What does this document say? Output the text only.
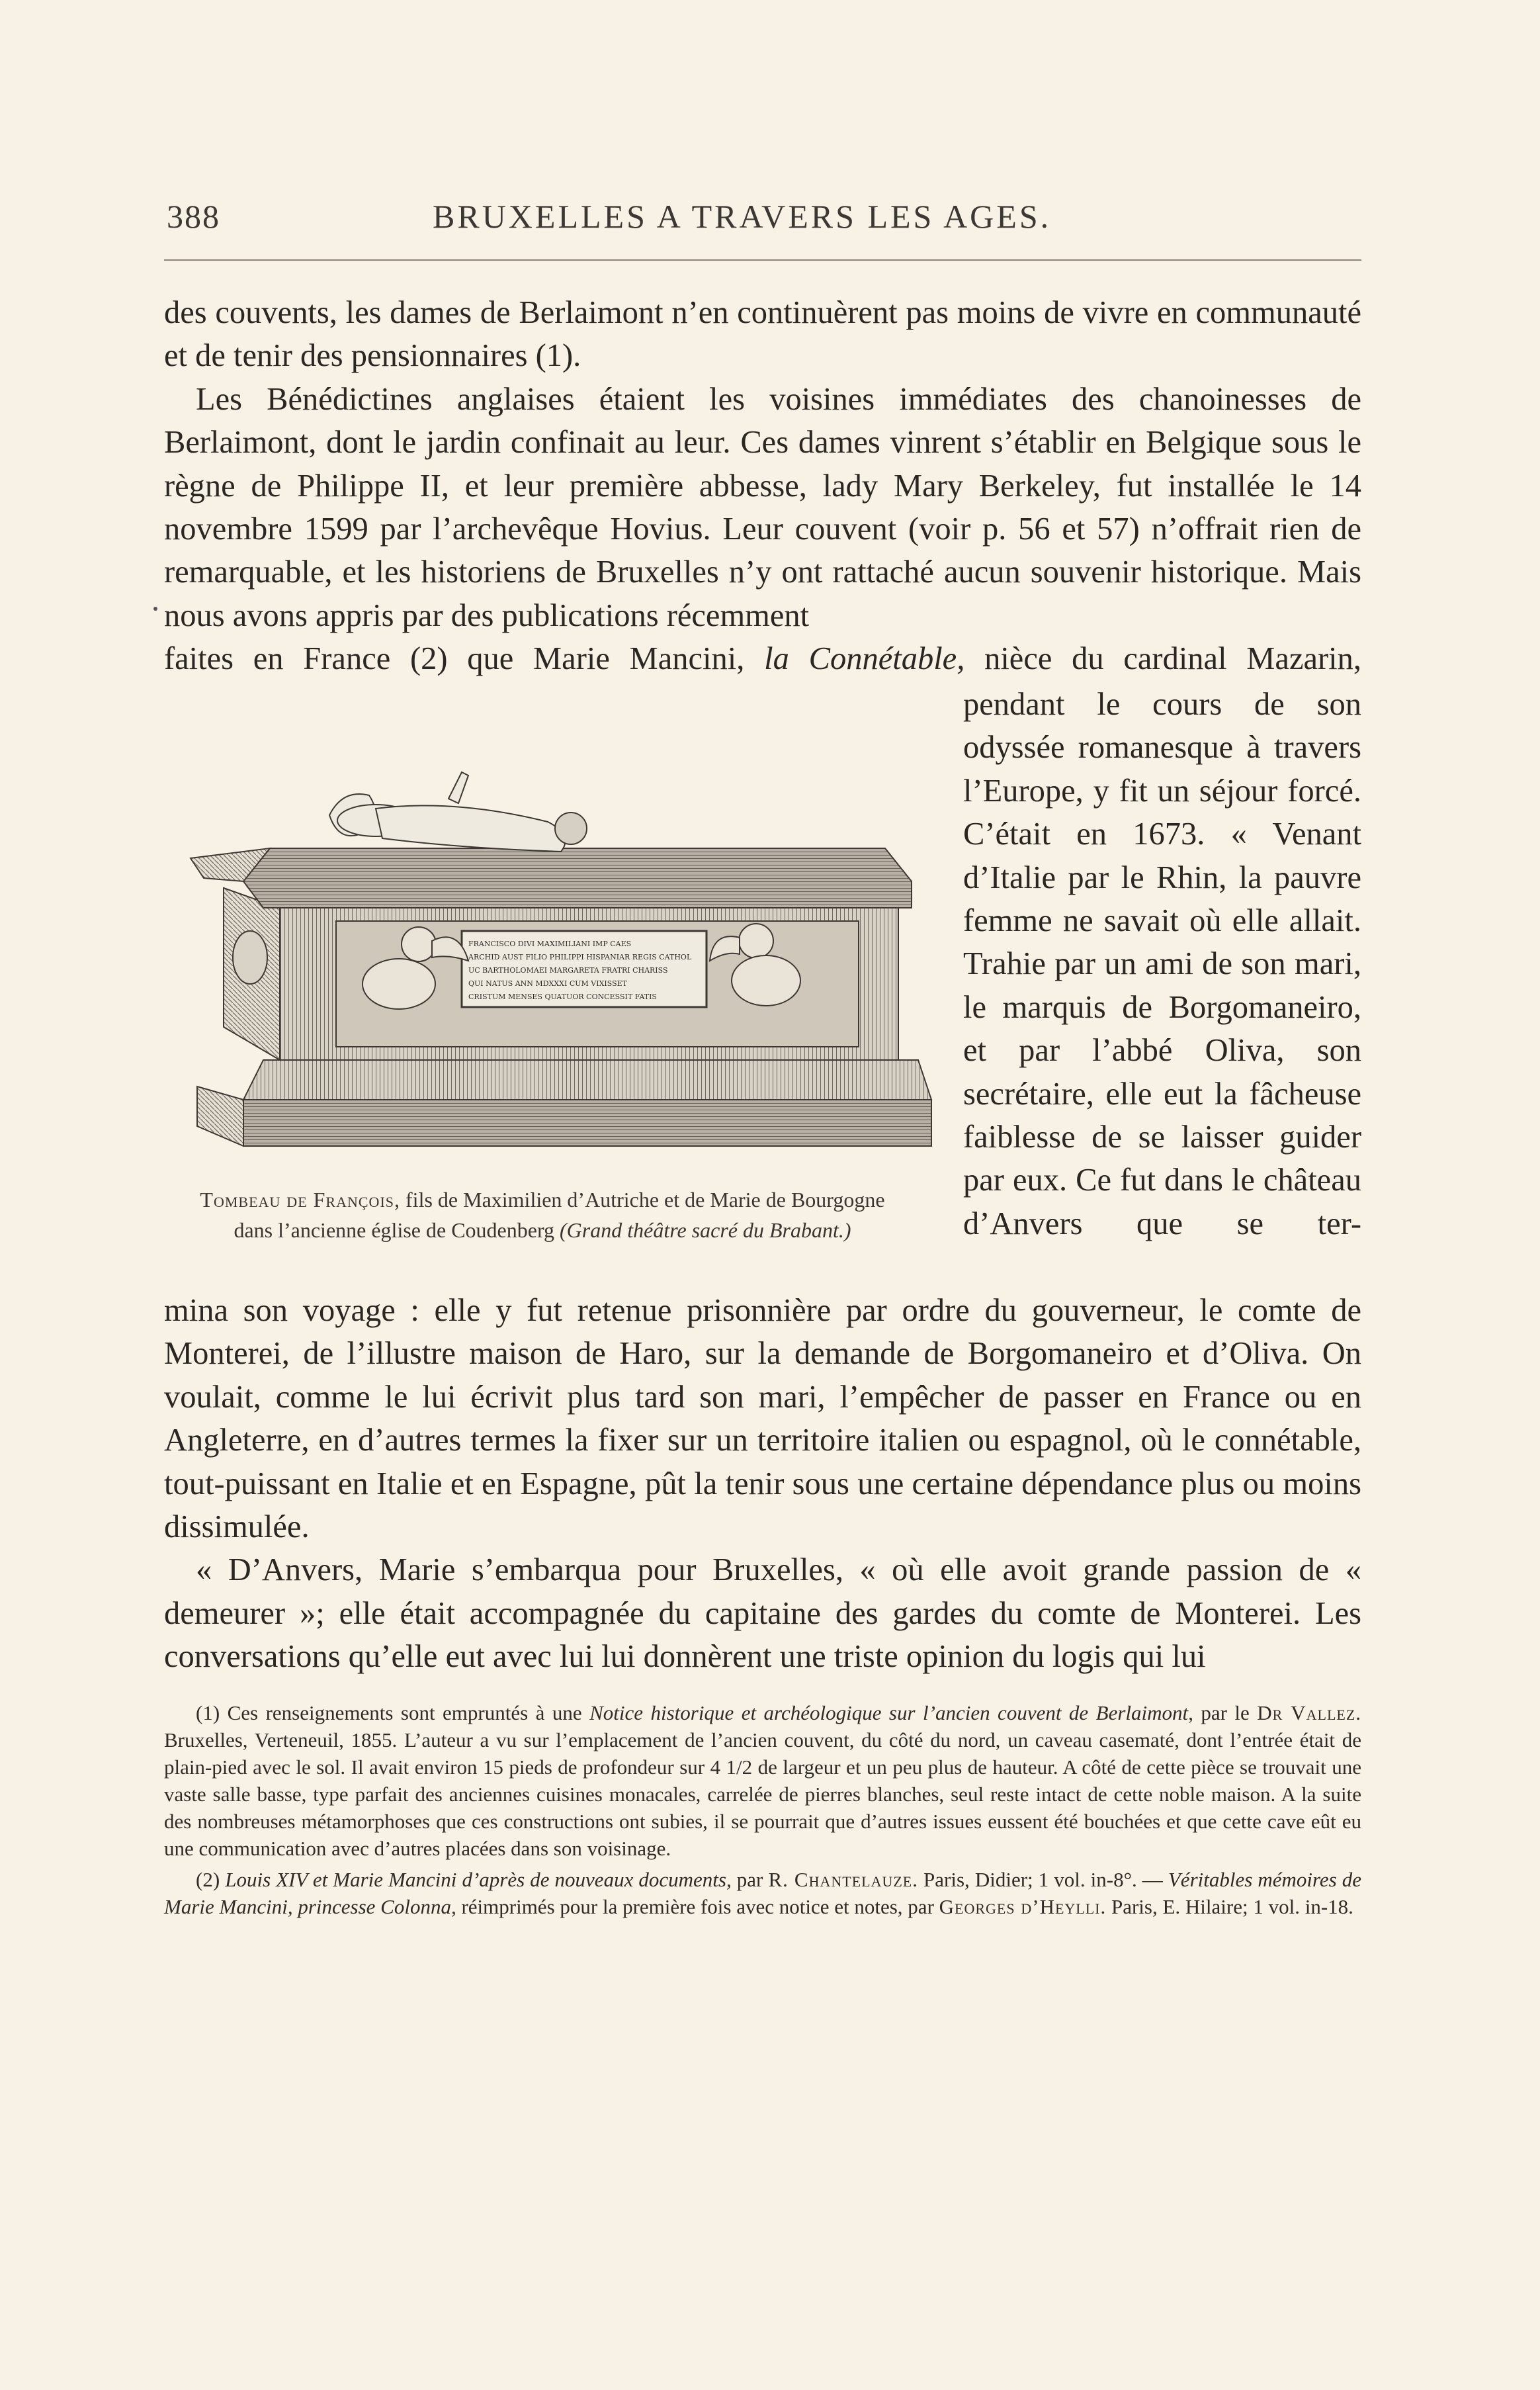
388	BRUXELLES A TRAVERS LES AGES.

des couvents, les dames de Berlaimont n’en continuèrent pas moins de vivre en communauté et de tenir des pensionnaires (1).

Les Bénédictines anglaises étaient les voisines immédiates des chanoinesses de Berlaimont, dont le jardin confinait au leur. Ces dames vinrent s’établir en Belgique sous le règne de Philippe II, et leur première abbesse, lady Mary Berkeley, fut installée le 14 novembre 1599 par l’archevêque Hovius. Leur couvent (voir p. 56 et 57) n’offrait rien de remarquable, et les historiens de Bruxelles n’y ont rattaché aucun souvenir historique. Mais nous avons appris par des publications récemment

faites en France (2) que Marie Mancini, la Connétable, nièce du cardinal Mazarin,

pendant le cours de son odyssée romanesque à travers l’Europe, y fit un séjour forcé. C’était en 1673. « Venant d’Italie par le Rhin, la pauvre femme ne savait où elle allait. Trahie par un ami de son mari, le marquis de Borgomaneiro, et par l’abbé Oliva, son secrétaire, elle eut la fâcheuse faiblesse de se laisser guider par eux. Ce fut dans le château d’Anvers que se ter-

FRANCISCO DIVI MAXIMILIANI IMP CAES
ARCHID AUST FILIO PHILIPPI HISPANIAR REGIS CATHOL
UC BARTHOLOMAEI MARGARETA FRATRI CHARISS
QUI NATUS ANN MDXXXI CUM VIXISSET
CRISTUM MENSES QUATUOR CONCESSIT FATIS
Tombeau de François, fils de Maximilien d’Autriche et de Marie de Bourgogne
dans l’ancienne église de Coudenberg (Grand théâtre sacré du Brabant.)

mina son voyage : elle y fut retenue prisonnière par ordre du gouverneur, le comte de Monterei, de l’illustre maison de Haro, sur la demande de Borgomaneiro et d’Oliva. On voulait, comme le lui écrivit plus tard son mari, l’empêcher de passer en France ou en Angleterre, en d’autres termes la fixer sur un territoire italien ou espagnol, où le connétable, tout-puissant en Italie et en Espagne, pût la tenir sous une certaine dépendance plus ou moins dissimulée.

« D’Anvers, Marie s’embarqua pour Bruxelles, « où elle avoit grande passion de « demeurer »; elle était accompagnée du capitaine des gardes du comte de Monterei. Les conversations qu’elle eut avec lui lui donnèrent une triste opinion du logis qui lui

(1) Ces renseignements sont empruntés à une Notice historique et archéologique sur l’ancien couvent de Berlaimont, par le Dr Vallez. Bruxelles, Verteneuil, 1855. L’auteur a vu sur l’emplacement de l’ancien couvent, du côté du nord, un caveau casematé, dont l’entrée était de plain-pied avec le sol. Il avait environ 15 pieds de profondeur sur 4 1/2 de largeur et un peu plus de hauteur. A côté de cette pièce se trouvait une vaste salle basse, type parfait des anciennes cuisines monacales, carrelée de pierres blanches, seul reste intact de cette noble maison. A la suite des nombreuses métamorphoses que ces constructions ont subies, il se pourrait que d’autres issues eussent été bouchées et que cette cave eût eu une communication avec d’autres placées dans son voisinage.

(2) Louis XIV et Marie Mancini d’après de nouveaux documents, par R. Chantelauze. Paris, Didier; 1 vol. in-8°. — Véritables mémoires de Marie Mancini, princesse Colonna, réimprimés pour la première fois avec notice et notes, par Georges d’Heylli. Paris, E. Hilaire; 1 vol. in-18.
